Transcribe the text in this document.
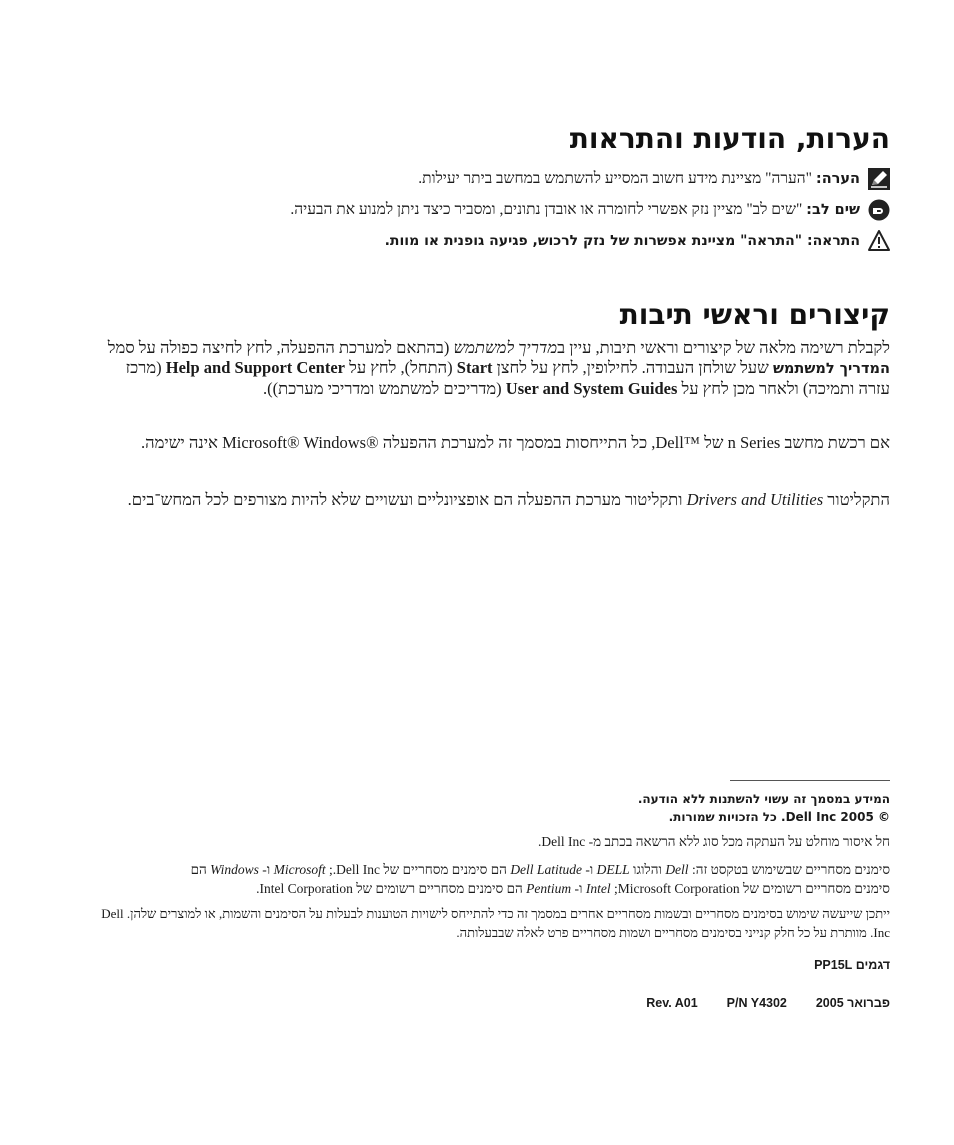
הערות, הודעות והתראות
הערה: "הערה" מציינת מידע חשוב המסייע להשתמש במחשב ביתר יעילות.
שים לב: "שים לב" מציין נזק אפשרי לחומרה או אובדן נתונים, ומסביר כיצד ניתן למנוע את הבעיה.
התראה: "התראה" מציינת אפשרות של נזק לרכוש, פגיעה גופנית או מוות.
קיצורים וראשי תיבות
לקבלת רשימה מלאה של קיצורים וראשי תיבות, עיין במדריך למשתמש (בהתאם למערכת ההפעלה, לחץ לחיצה כפולה על סמל המדריך למשתמש שעל שולחן העבודה. לחילופין, לחץ על לחצן Start (התחל), לחץ על Help and Support Center (מרכז עזרה ותמיכה) ולאחר מכן לחץ על User and System Guides (מדריכים למשתמש ומדריכי מערכת)).
אם רכשת מחשב n Series של Dell™, כל התייחסות במסמך זה למערכת ההפעלה Microsoft® Windows® אינה ישימה.
התקליטור Drivers and Utilities ותקליטור מערכת ההפעלה הם אופציונליים ועשויים שלא להיות מצורפים לכל המחש־בים.
המידע במסמך זה עשוי להשתנות ללא הודעה.
© 2005 Dell Inc. כל הזכויות שמורות.
חל איסור מוחלט על העתקה מכל סוג ללא הרשאה בכתב מ- Dell Inc.
סימנים מסחריים שבשימוש בטקסט זה: Dell והלוגו DELL ו- Dell Latitude הם סימנים מסחריים של Dell Inc.; Microsoft ו- Windows הם
סימנים מסחריים רשומים של Microsoft Corporation; Intel ו- Pentium הם סימנים מסחריים רשומים של Intel Corporation.
ייתכן שייעשה שימוש בסימנים מסחריים ובשמות מסחריים אחרים במסמך זה כדי להתייחס לישויות הטוענות לבעלות על הסימנים והשמות, או למוצרים שלהן. Dell Inc. מוותרת על כל חלק קנייני בסימנים מסחריים ושמות מסחריים פרט לאלה שבבעלותה.
דגמים PP15L
פברואר 2005  P/N Y4302  Rev. A01
